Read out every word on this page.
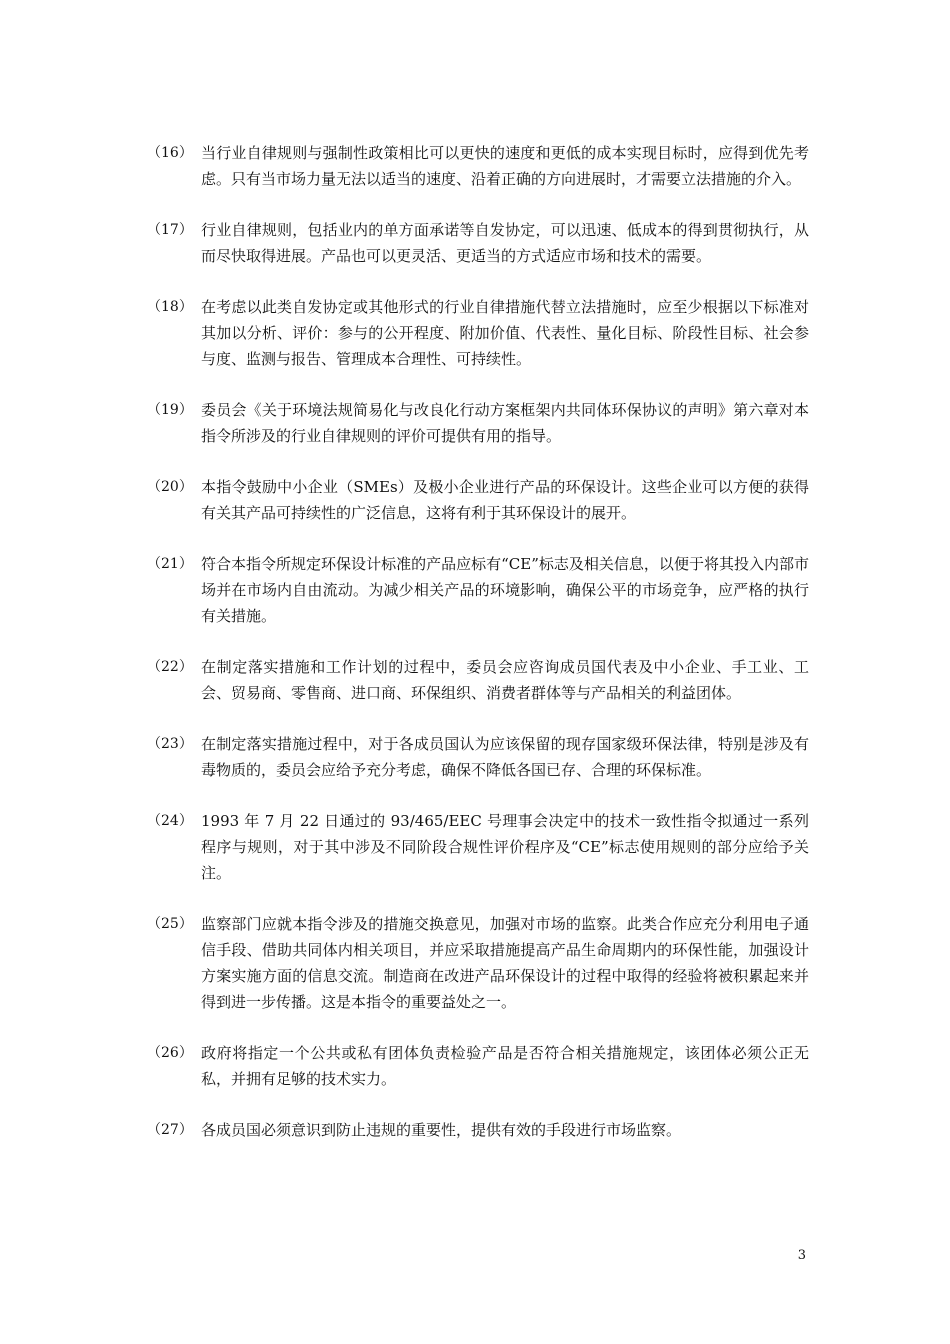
（16） 当行业自律规则与强制性政策相比可以更快的速度和更低的成本实现目标时，应得到优先考虑。只有当市场力量无法以适当的速度、沿着正确的方向进展时，才需要立法措施的介入。
（17） 行业自律规则，包括业内的单方面承诺等自发协定，可以迅速、低成本的得到贯彻执行，从而尽快取得进展。产品也可以更灵活、更适当的方式适应市场和技术的需要。
（18） 在考虑以此类自发协定或其他形式的行业自律措施代替立法措施时，应至少根据以下标准对其加以分析、评价：参与的公开程度、附加价值、代表性、量化目标、阶段性目标、社会参与度、监测与报告、管理成本合理性、可持续性。
（19） 委员会《关于环境法规简易化与改良化行动方案框架内共同体环保协议的声明》第六章对本指令所涉及的行业自律规则的评价可提供有用的指导。
（20） 本指令鼓励中小企业（SMEs）及极小企业进行产品的环保设计。这些企业可以方便的获得有关其产品可持续性的广泛信息，这将有利于其环保设计的展开。
（21） 符合本指令所规定环保设计标准的产品应标有“CE”标志及相关信息，以便于将其投入内部市场并在市场内自由流动。为减少相关产品的环境影响，确保公平的市场竞争，应严格的执行有关措施。
（22） 在制定落实措施和工作计划的过程中，委员会应咨询成员国代表及中小企业、手工业、工会、贸易商、零售商、进口商、环保组织、消费者群体等与产品相关的利益团体。
（23） 在制定落实措施过程中，对于各成员国认为应该保留的现存国家级环保法律，特别是涉及有毒物质的，委员会应给予充分考虑，确保不降低各国已存、合理的环保标准。
（24） 1993 年 7 月 22 日通过的 93/465/EEC 号理事会决定中的技术一致性指令拟通过一系列程序与规则，对于其中涉及不同阶段合规性评价程序及“CE”标志使用规则的部分应给予关注。
（25） 监察部门应就本指令涉及的措施交换意见，加强对市场的监察。此类合作应充分利用电子通信手段、借助共同体内相关项目，并应采取措施提高产品生命周期内的环保性能，加强设计方案实施方面的信息交流。制造商在改进产品环保设计的过程中取得的经验将被积累起来并得到进一步传播。这是本指令的重要益处之一。
（26） 政府将指定一个公共或私有团体负责检验产品是否符合相关措施规定，该团体必须公正无私，并拥有足够的技术实力。
（27） 各成员国必须意识到防止违规的重要性，提供有效的手段进行市场监察。
3
